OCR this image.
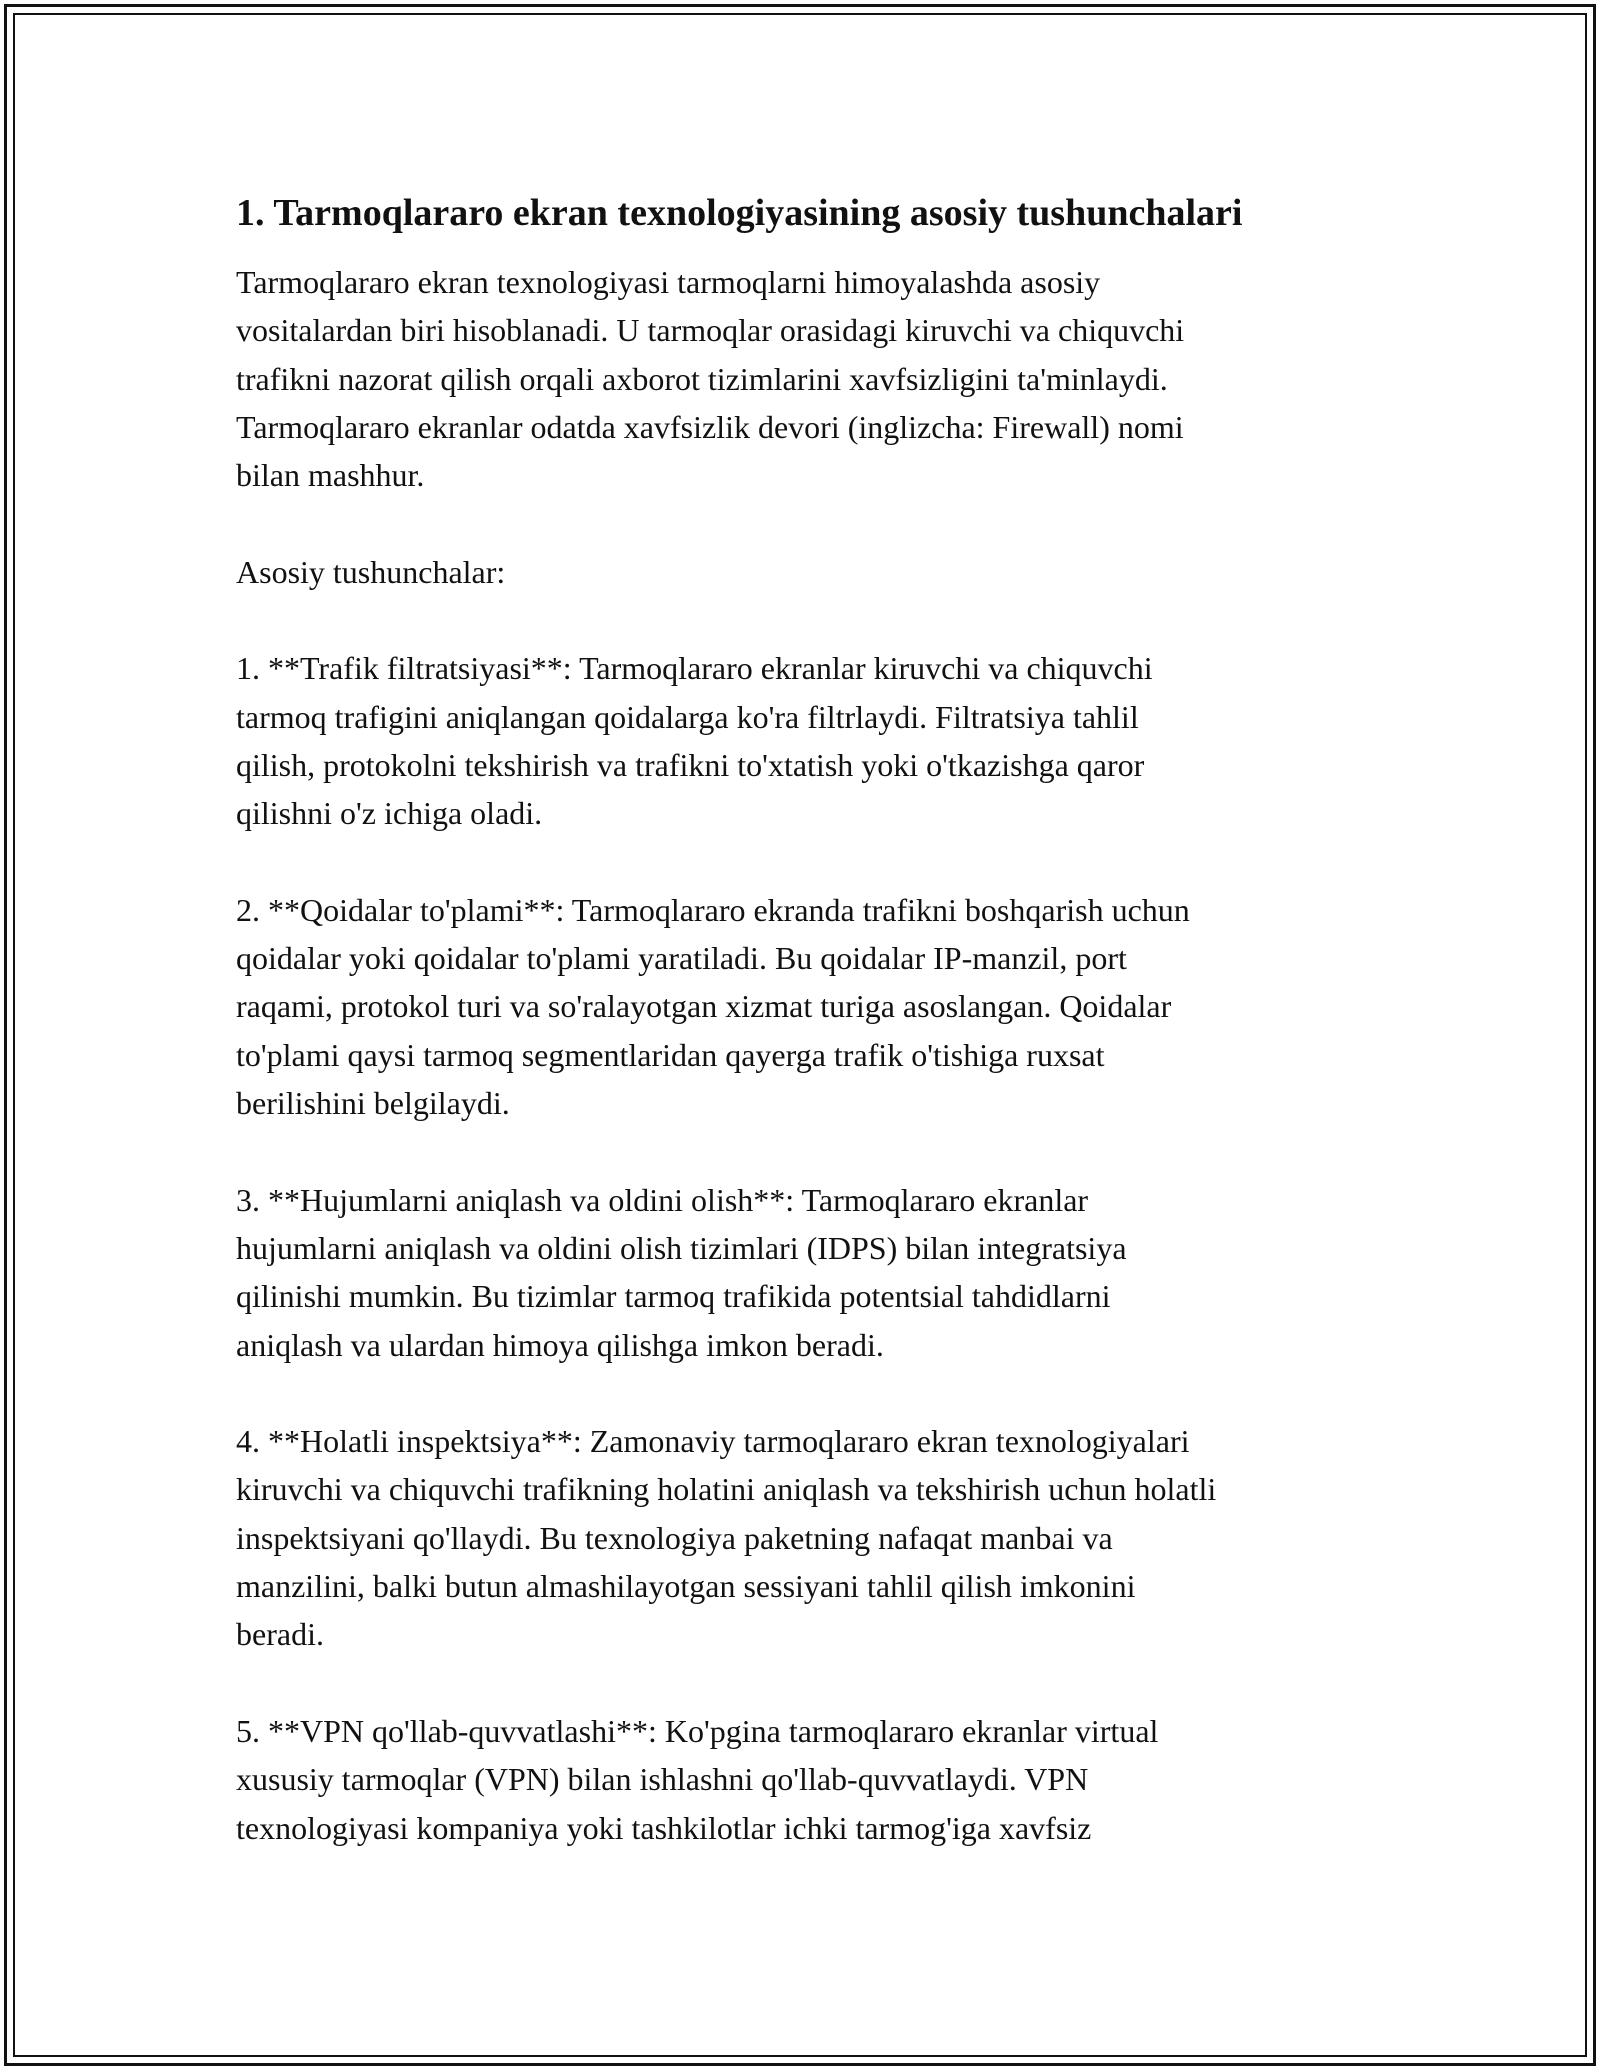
1. Tarmoqlararo ekran texnologiyasining asosiy tushunchalari

Tarmoqlararo ekran texnologiyasi tarmoqlarni himoyalashda asosiy
vositalardan biri hisoblanadi. U tarmoqlar orasidagi kiruvchi va chiquvchi
trafikni nazorat qilish orqali axborot tizimlarini xavfsizligini ta'minlaydi.
Tarmoqlararo ekranlar odatda xavfsizlik devori (inglizcha: Firewall) nomi
bilan mashhur.

Asosiy tushunchalar:

1. **Trafik filtratsiyasi**: Tarmoqlararo ekranlar kiruvchi va chiquvchi
tarmoq trafigini aniqlangan qoidalarga ko'ra filtrlaydi. Filtratsiya tahlil
qilish, protokolni tekshirish va trafikni to'xtatish yoki o'tkazishga qaror
qilishni o'z ichiga oladi.

2. **Qoidalar to'plami**: Tarmoqlararo ekranda trafikni boshqarish uchun
qoidalar yoki qoidalar to'plami yaratiladi. Bu qoidalar IP-manzil, port
raqami, protokol turi va so'ralayotgan xizmat turiga asoslangan. Qoidalar
to'plami qaysi tarmoq segmentlaridan qayerga trafik o'tishiga ruxsat
berilishini belgilaydi.

3. **Hujumlarni aniqlash va oldini olish**: Tarmoqlararo ekranlar
hujumlarni aniqlash va oldini olish tizimlari (IDPS) bilan integratsiya
qilinishi mumkin. Bu tizimlar tarmoq trafikida potentsial tahdidlarni
aniqlash va ulardan himoya qilishga imkon beradi.

4. **Holatli inspektsiya**: Zamonaviy tarmoqlararo ekran texnologiyalari
kiruvchi va chiquvchi trafikning holatini aniqlash va tekshirish uchun holatli
inspektsiyani qo'llaydi. Bu texnologiya paketning nafaqat manbai va
manzilini, balki butun almashilayotgan sessiyani tahlil qilish imkonini
beradi.

5. **VPN qo'llab-quvvatlashi**: Ko'pgina tarmoqlararo ekranlar virtual
xususiy tarmoqlar (VPN) bilan ishlashni qo'llab-quvvatlaydi. VPN
texnologiyasi kompaniya yoki tashkilotlar ichki tarmog'iga xavfsiz
